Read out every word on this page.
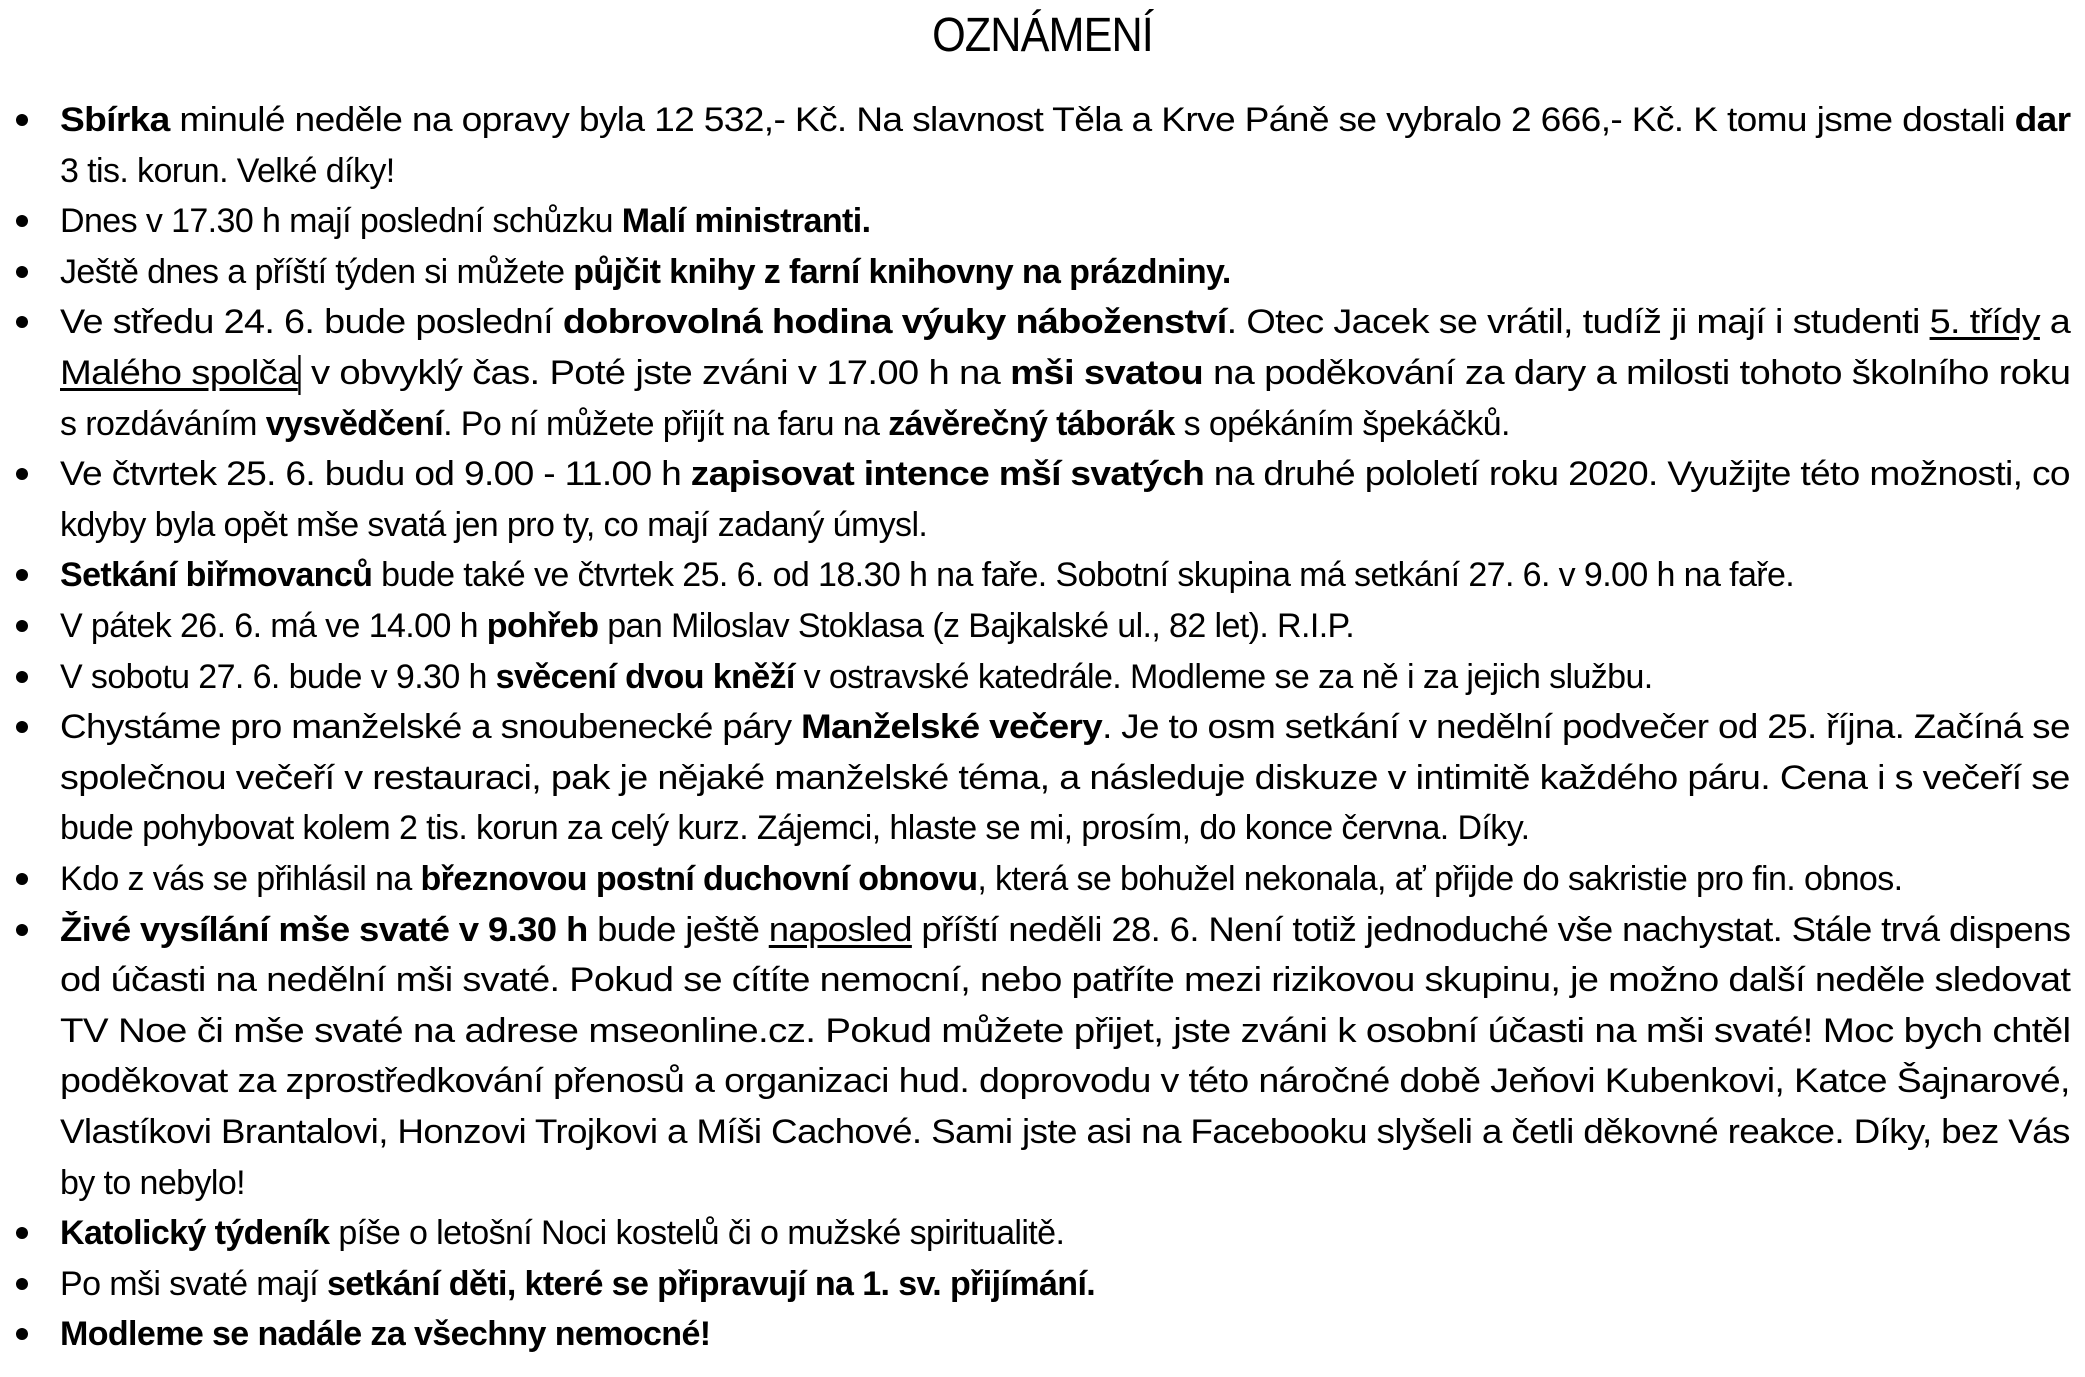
OZNÁMENÍ
Sbírka minulé neděle na opravy byla 12 532,- Kč. Na slavnost Těla a Krve Páně se vybralo 2 666,- Kč. K tomu jsme dostali dar
3 tis. korun. Velké díky!
Dnes v 17.30 h mají poslední schůzku Malí ministranti.
Ještě dnes a příští týden si můžete půjčit knihy z farní knihovny na prázdniny.
Ve středu 24. 6. bude poslední dobrovolná hodina výuky náboženství. Otec Jacek se vrátil, tudíž ji mají i studenti 5. třídy a
Malého spolča v obvyklý čas. Poté jste zváni v 17.00 h na mši svatou na poděkování za dary a milosti tohoto školního roku
s rozdáváním vysvědčení. Po ní můžete přijít na faru na závěrečný táborák s opékáním špekáčků.
Ve čtvrtek 25. 6. budu od 9.00 - 11.00 h zapisovat intence mší svatých na druhé pololetí roku 2020. Využijte této možnosti, co
kdyby byla opět mše svatá jen pro ty, co mají zadaný úmysl.
Setkání biřmovanců bude také ve čtvrtek 25. 6. od 18.30 h na faře. Sobotní skupina má setkání 27. 6. v 9.00 h na faře.
V pátek 26. 6. má ve 14.00 h pohřeb pan Miloslav Stoklasa (z Bajkalské ul., 82 let). R.I.P.
V sobotu 27. 6. bude v 9.30 h svěcení dvou kněží v ostravské katedrále. Modleme se za ně i za jejich službu.
Chystáme pro manželské a snoubenecké páry Manželské večery. Je to osm setkání v nedělní podvečer od 25. října. Začíná se
společnou večeří v restauraci, pak je nějaké manželské téma, a následuje diskuze v intimitě každého páru. Cena i s večeří se
bude pohybovat kolem 2 tis. korun za celý kurz. Zájemci, hlaste se mi, prosím, do konce června. Díky.
Kdo z vás se přihlásil na březnovou postní duchovní obnovu, která se bohužel nekonala, ať přijde do sakristie pro fin. obnos.
Živé vysílání mše svaté v 9.30 h bude ještě naposled příští neděli 28. 6. Není totiž jednoduché vše nachystat. Stále trvá dispens
od účasti na nedělní mši svaté. Pokud se cítíte nemocní, nebo patříte mezi rizikovou skupinu, je možno další neděle sledovat
TV Noe či mše svaté na adrese mseonline.cz. Pokud můžete přijet, jste zváni k osobní účasti na mši svaté! Moc bych chtěl
poděkovat za zprostředkování přenosů a organizaci hud. doprovodu v této náročné době Jeňovi Kubenkovi, Katce Šajnarové,
Vlastíkovi Brantalovi, Honzovi Trojkovi a Míši Cachové. Sami jste asi na Facebooku slyšeli a četli děkovné reakce. Díky, bez Vás
by to nebylo!
Katolický týdeník píše o letošní Noci kostelů či o mužské spiritualitě.
Po mši svaté mají setkání děti, které se připravují na 1. sv. přijímání.
Modleme se nadále za všechny nemocné!
